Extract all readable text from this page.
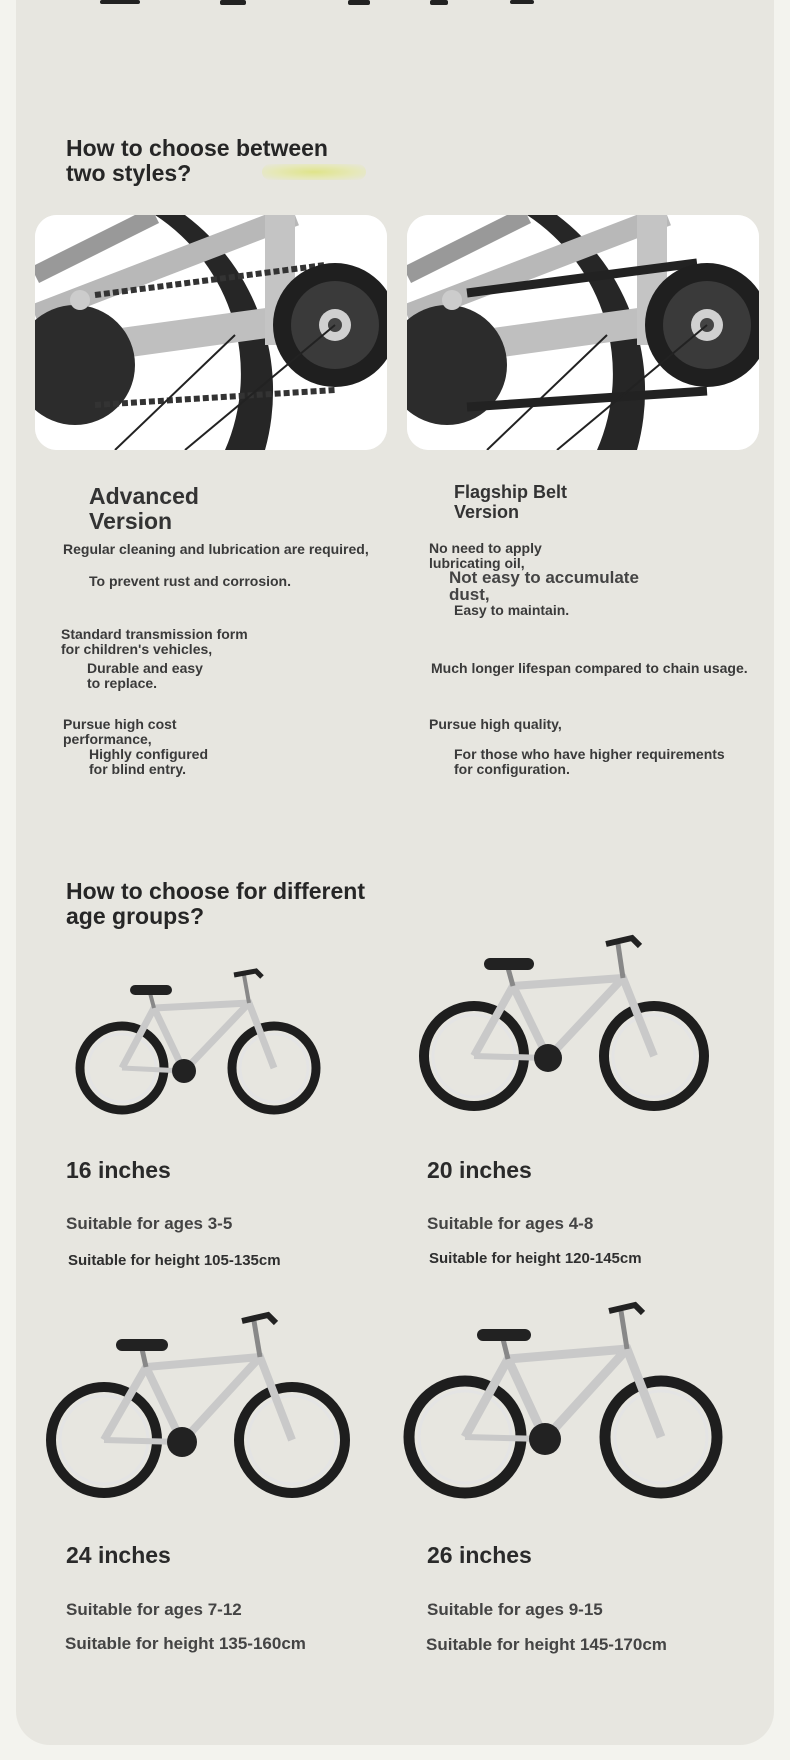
How to choose between
two styles?
Advanced
Version
Regular cleaning and lubrication are required,
To prevent rust and corrosion.
Standard transmission form
for children's vehicles,
Durable and easy
to replace.
Pursue high cost
performance,
Highly configured
for blind entry.
Flagship Belt
Version
No need to apply
lubricating oil,
Not easy to accumulate
dust,
Easy to maintain.
Much longer lifespan compared to chain usage.
Pursue high quality,
For those who have higher requirements
for configuration.
How to choose for different
age groups?
16 inches
Suitable for ages 3-5
Suitable for height 105-135cm
20 inches
Suitable for ages 4-8
Suitable for height 120-145cm
24 inches
Suitable for ages 7-12
Suitable for height 135-160cm
26 inches
Suitable for ages 9-15
Suitable for height 145-170cm
